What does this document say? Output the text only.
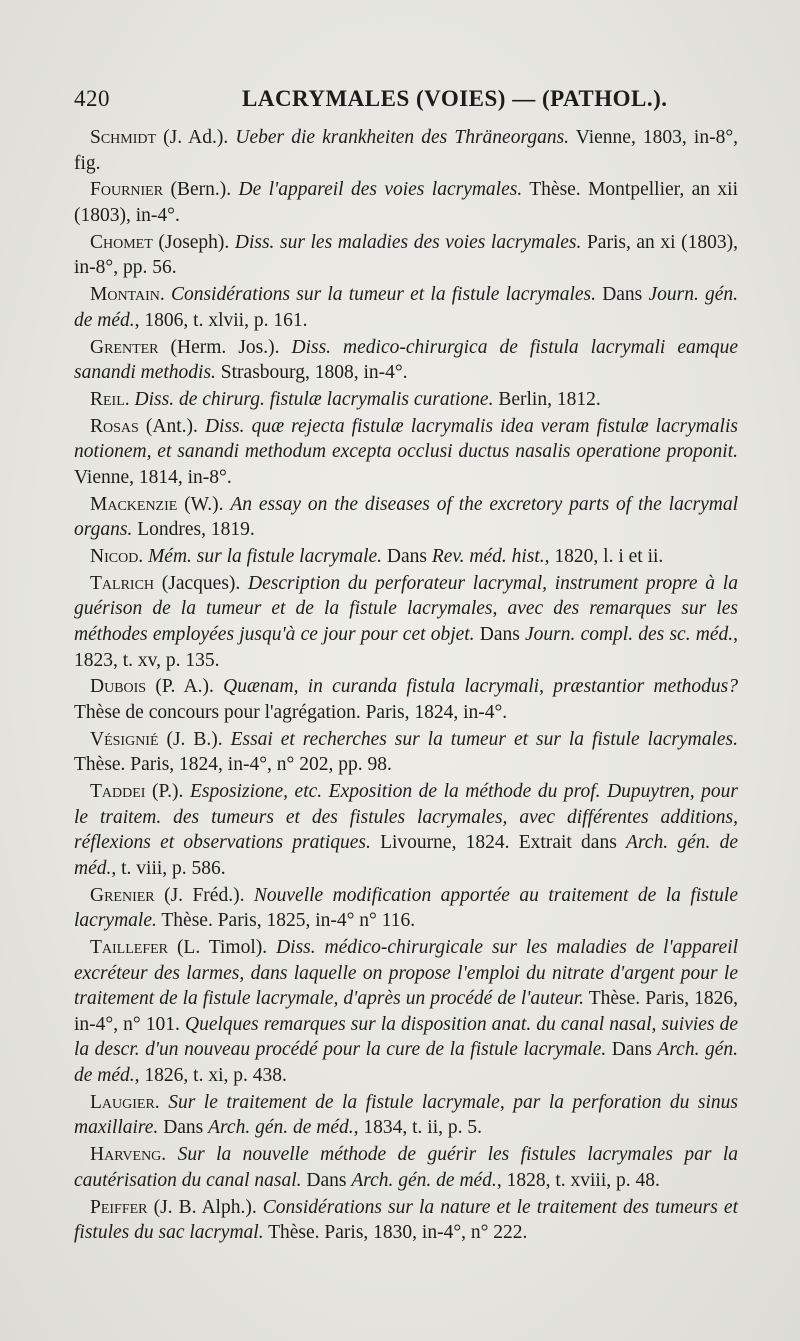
420	LACRYMALES (VOIES) — (PATHOL.).

Schmidt (J. Ad.). Ueber die krankheiten des Thräneorgans. Vienne, 1803, in-8°, fig.

Fournier (Bern.). De l'appareil des voies lacrymales. Thèse. Montpellier, an xii (1803), in-4°.

Chomet (Joseph). Diss. sur les maladies des voies lacrymales. Paris, an xi (1803), in-8°, pp. 56.

Montain. Considérations sur la tumeur et la fistule lacrymales. Dans Journ. gén. de méd., 1806, t. xlvii, p. 161.

Grenter (Herm. Jos.). Diss. medico-chirurgica de fistula lacrymali eamque sanandi methodis. Strasbourg, 1808, in-4°.

Reil. Diss. de chirurg. fistulæ lacrymalis curatione. Berlin, 1812.

Rosas (Ant.). Diss. quæ rejecta fistulæ lacrymalis idea veram fistulæ lacrymalis notionem, et sanandi methodum excepta occlusi ductus nasalis operatione proponit. Vienne, 1814, in-8°.

Mackenzie (W.). An essay on the diseases of the excretory parts of the lacrymal organs. Londres, 1819.

Nicod. Mém. sur la fistule lacrymale. Dans Rev. méd. hist., 1820, l. i et ii.

Talrich (Jacques). Description du perforateur lacrymal, instrument propre à la guérison de la tumeur et de la fistule lacrymales, avec des remarques sur les méthodes employées jusqu'à ce jour pour cet objet. Dans Journ. compl. des sc. méd., 1823, t. xv, p. 135.

Dubois (P. A.). Quænam, in curanda fistula lacrymali, præstantior methodus? Thèse de concours pour l'agrégation. Paris, 1824, in-4°.

Vésignié (J. B.). Essai et recherches sur la tumeur et sur la fistule lacrymales. Thèse. Paris, 1824, in-4°, n° 202, pp. 98.

Taddei (P.). Esposizione, etc. Exposition de la méthode du prof. Dupuytren, pour le traitem. des tumeurs et des fistules lacrymales, avec différentes additions, réflexions et observations pratiques. Livourne, 1824. Extrait dans Arch. gén. de méd., t. viii, p. 586.

Grenier (J. Fréd.). Nouvelle modification apportée au traitement de la fistule lacrymale. Thèse. Paris, 1825, in-4° n° 116.

Taillefer (L. Timol). Diss. médico-chirurgicale sur les maladies de l'appareil excréteur des larmes, dans laquelle on propose l'emploi du nitrate d'argent pour le traitement de la fistule lacrymale, d'après un procédé de l'auteur. Thèse. Paris, 1826, in-4°, n° 101. Quelques remarques sur la disposition anat. du canal nasal, suivies de la descr. d'un nouveau procédé pour la cure de la fistule lacrymale. Dans Arch. gén. de méd., 1826, t. xi, p. 438.

Laugier. Sur le traitement de la fistule lacrymale, par la perforation du sinus maxillaire. Dans Arch. gén. de méd., 1834, t. ii, p. 5.

Harveng. Sur la nouvelle méthode de guérir les fistules lacrymales par la cautérisation du canal nasal. Dans Arch. gén. de méd., 1828, t. xviii, p. 48.

Peiffer (J. B. Alph.). Considérations sur la nature et le traitement des tumeurs et fistules du sac lacrymal. Thèse. Paris, 1830, in-4°, n° 222.
